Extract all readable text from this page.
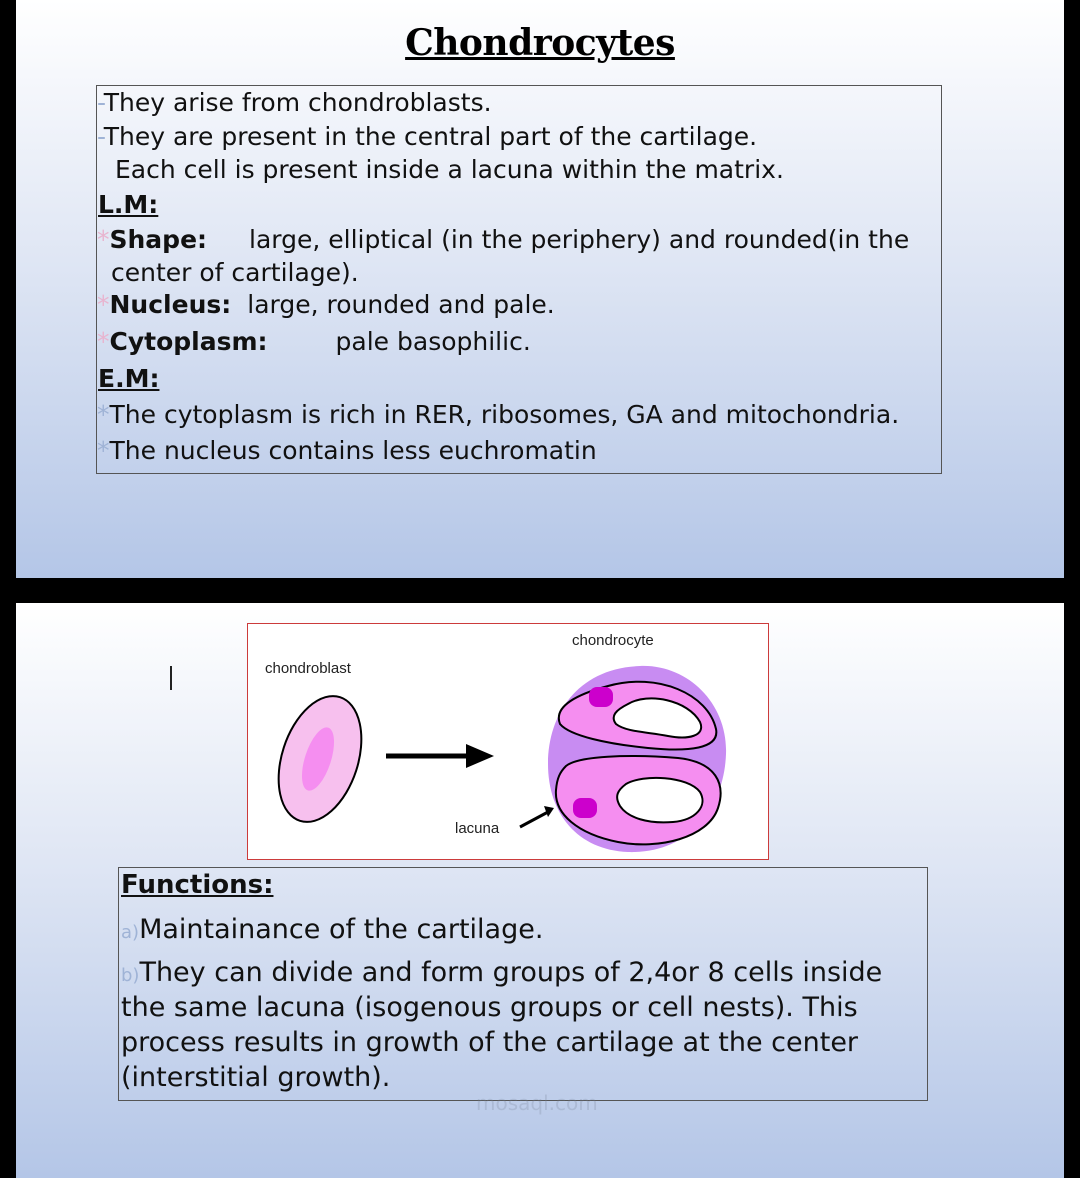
Chondrocytes
-They arise from chondroblasts.
-They are present in the central part of the cartilage.
Each cell is present inside a lacuna within the matrix.
L.M:
*Shape: large, elliptical (in the periphery) and rounded(in the
center of cartilage).
*Nucleus: large, rounded and pale.
*Cytoplasm:	pale basophilic.
E.M:
*The cytoplasm is rich in RER, ribosomes, GA and mitochondria.
*The nucleus contains less euchromatin
chondroblast
chondrocyte
lacuna
Functions:
a)Maintainance of the cartilage.
b)They can divide and form groups of 2,4or 8 cells inside
the same lacuna (isogenous groups or cell nests). This
process results in growth of the cartilage at the center
(interstitial growth).
mosaql.com
